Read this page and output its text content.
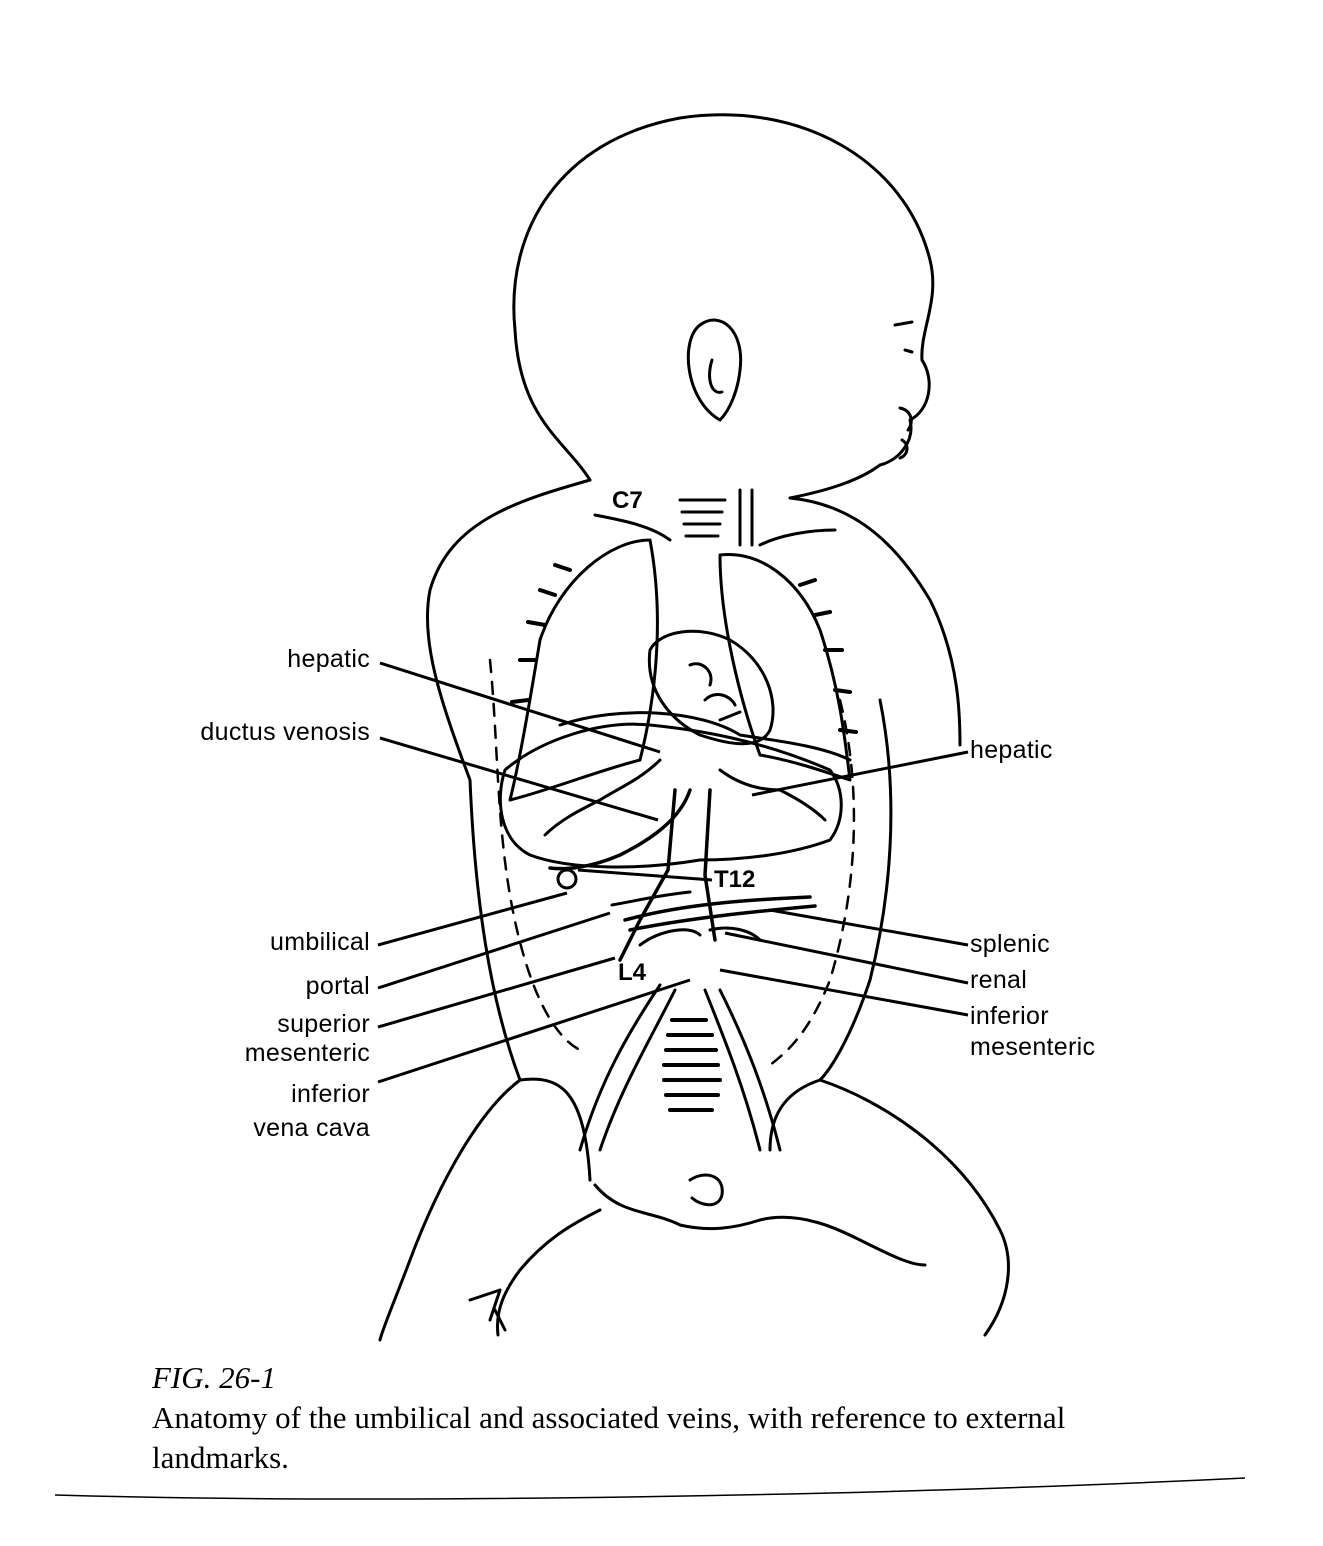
C7
T12
L4
hepatic
ductus venosis
umbilical
portal
superior
mesenteric
inferior
vena cava
hepatic
splenic
renal
inferior
mesenteric
FIG. 26-1
Anatomy of the umbilical and associated veins, with reference to external landmarks.
